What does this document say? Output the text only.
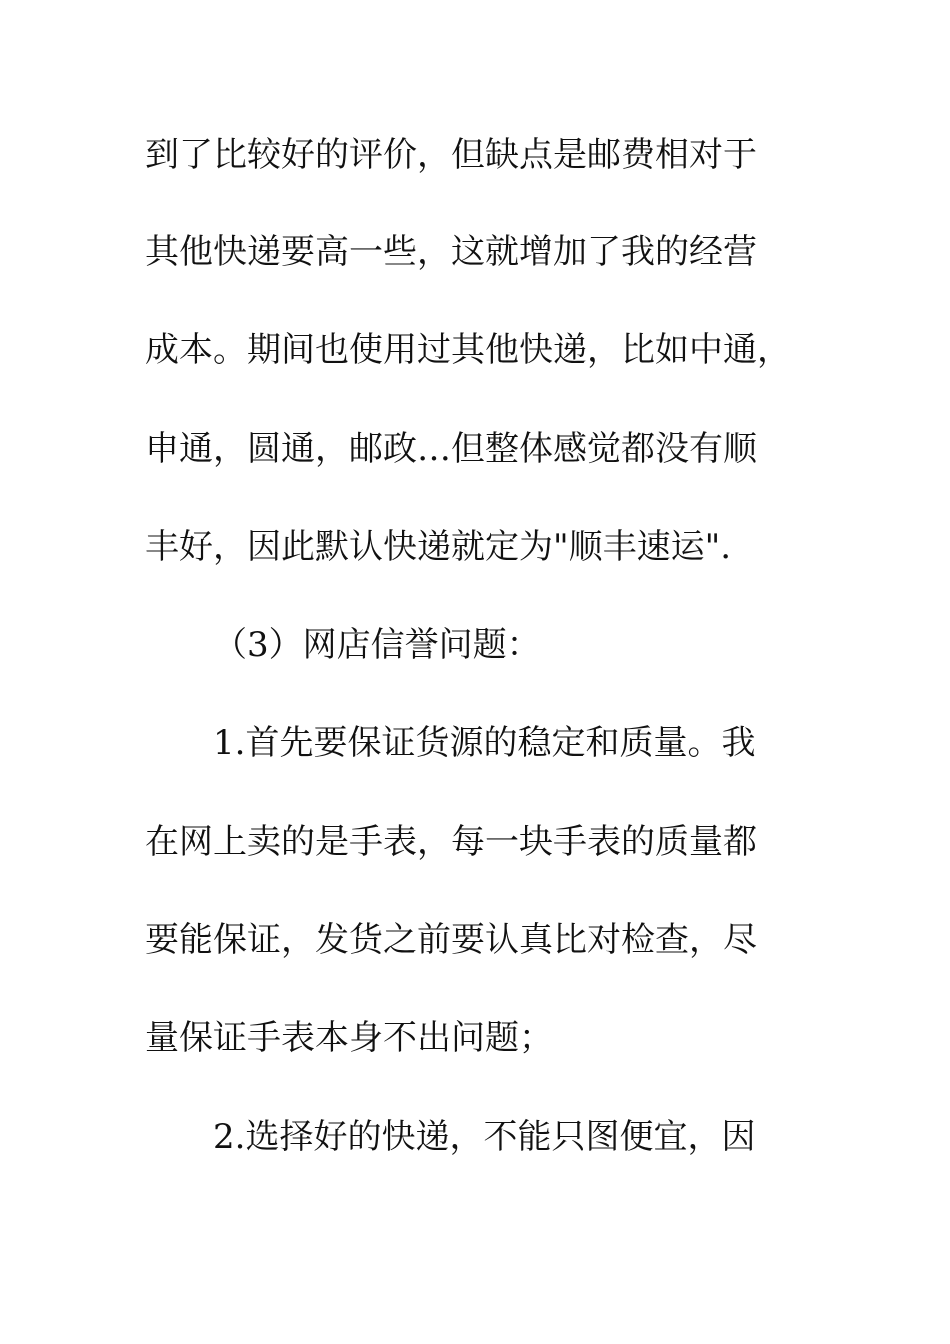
到了比较好的评价，但缺点是邮费相对于
其他快递要高一些，这就增加了我的经营
成本。期间也使用过其他快递，比如中通，
申通，圆通，邮政…但整体感觉都没有顺
丰好，因此默认快递就定为"顺丰速运".
（3）网店信誉问题：
1.首先要保证货源的稳定和质量。我
在网上卖的是手表，每一块手表的质量都
要能保证，发货之前要认真比对检查，尽
量保证手表本身不出问题；
2.选择好的快递，不能只图便宜，因
